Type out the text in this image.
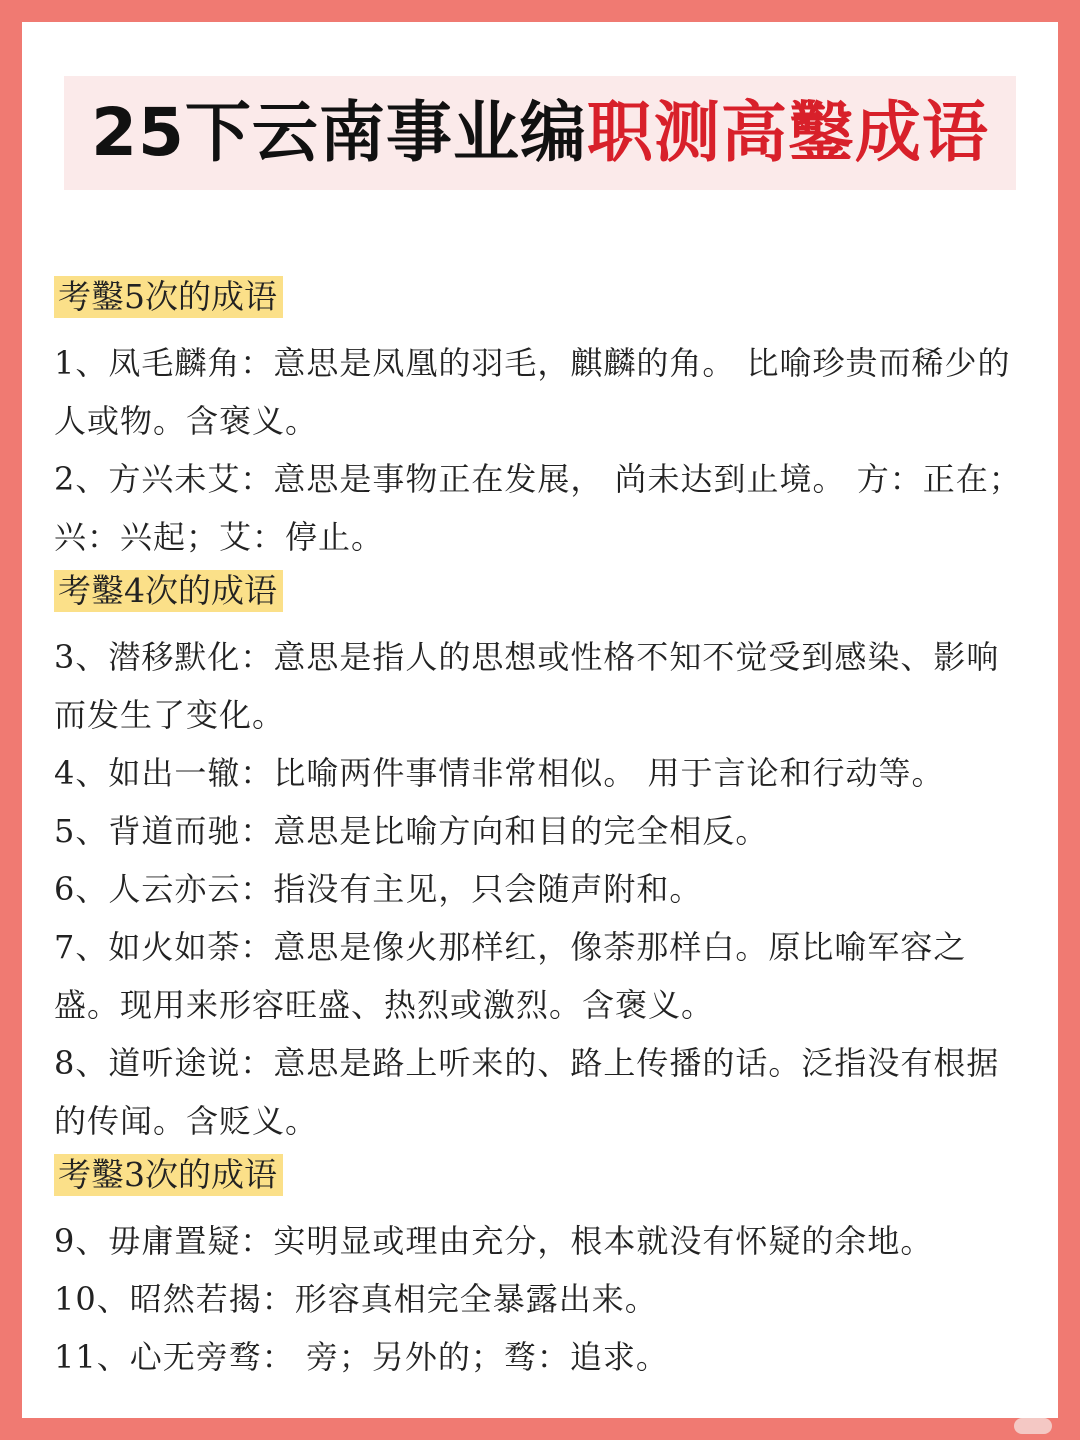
25下云南事业编职测高鑿成语
考鑿5次的成语
1、凤毛麟角：意思是凤凰的羽毛，麒麟的角。 比喻珍贵而稀少的人或物。含褒义。
2、方兴未艾：意思是事物正在发展， 尚未达到止境。 方：正在；兴：兴起；艾：停止。
考鑿4次的成语
3、潜移默化：意思是指人的思想或性格不知不觉受到感染、影响而发生了变化。
4、如出一辙：比喻两件事情非常相似。 用于言论和行动等。
5、背道而驰：意思是比喻方向和目的完全相反。
6、人云亦云：指没有主见，只会随声附和。
7、如火如荼：意思是像火那样红，像荼那样白。原比喻军容之盛。现用来形容旺盛、热烈或激烈。含褒义。
8、道听途说：意思是路上听来的、路上传播的话。泛指没有根据的传闻。含贬义。
考鑿3次的成语
9、毋庸置疑：实明显或理由充分，根本就没有怀疑的余地。
10、昭然若揭：形容真相完全暴露出来。
11、心无旁骛： 旁；另外的；骛：追求。
